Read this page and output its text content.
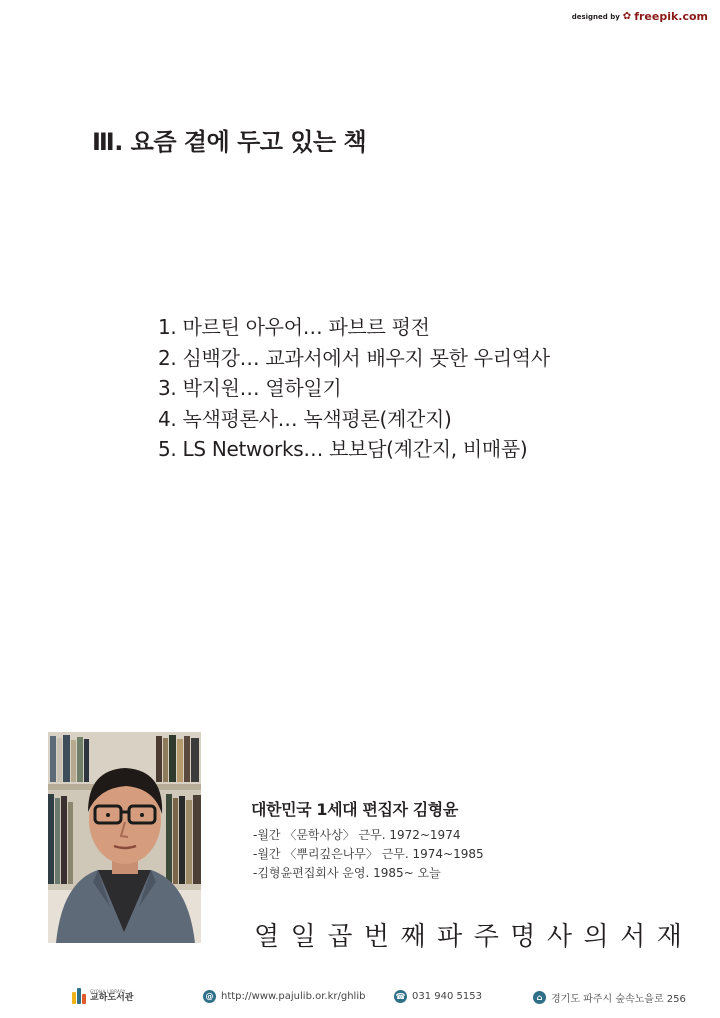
designed by ✿ freepik.com
Ⅲ. 요즘 곁에 두고 있는 책
1. 마르틴 아우어… 파브르 평전
2. 심백강… 교과서에서 배우지 못한 우리역사
3. 박지원… 열하일기
4. 녹색평론사… 녹색평론(계간지)
5. LS Networks… 보보담(계간지, 비매품)
대한민국 1세대 편집자 김형윤
-월간 〈문학사상〉 근무. 1972~1974
-월간 〈뿌리깊은나무〉 근무. 1974~1985
-김형윤편집회사 운영. 1985~ 오늘
열일곱번째파주명사의서재
GYOHA LIBRARY
교하도서관	@ http://www.pajulib.or.kr/ghlib	☎ 031 940 5153	⌂ 경기도 파주시 숲속노을로 256
